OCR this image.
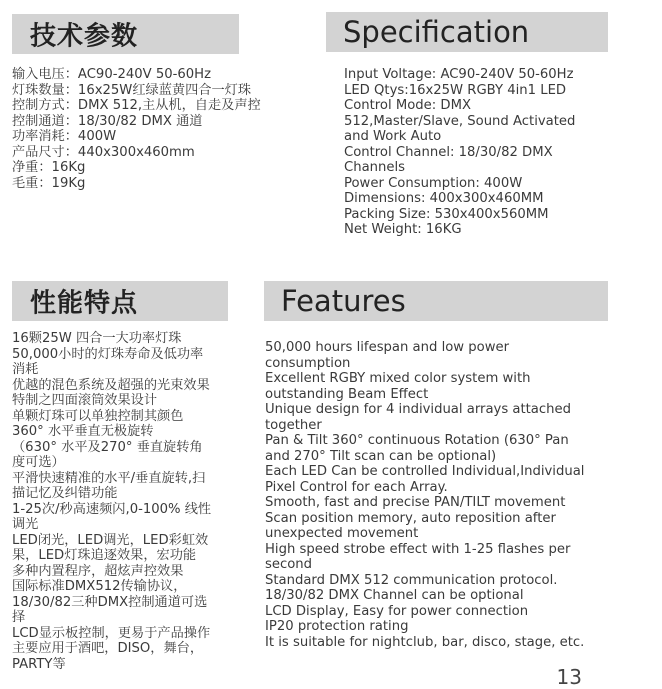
技术参数	Specification
性能特点	Features
输入电压：AC90-240V 50-60Hz
灯珠数量：16x25W红绿蓝黄四合一灯珠
控制方式：DMX 512,主从机，自走及声控
控制通道：18/30/82 DMX 通道
功率消耗：400W
产品尺寸：440x300x460mm
净重：16Kg
毛重：19Kg
Input Voltage: AC90-240V 50-60Hz
LED Qtys:16x25W RGBY 4in1 LED
Control Mode: DMX
512,Master/Slave, Sound Activated
and Work Auto
Control Channel: 18/30/82 DMX
Channels
Power Consumption: 400W
Dimensions: 400x300x460MM
Packing Size: 530x400x560MM
Net Weight: 16KG
16颗25W 四合一大功率灯珠
50,000小时的灯珠寿命及低功率
消耗
优越的混色系统及超强的光束效果
特制之四面滚筒效果设计
单颗灯珠可以单独控制其颜色
360° 水平垂直无极旋转
（630° 水平及270° 垂直旋转角
度可选）
平滑快速精准的水平/垂直旋转,扫
描记忆及纠错功能
1-25次/秒高速频闪,0-100% 线性
调光
LED闭光，LED调光，LED彩虹效
果，LED灯珠追逐效果，宏功能
多种内置程序，超炫声控效果
国际标准DMX512传输协议，
18/30/82三种DMX控制通道可选
择
LCD显示板控制，更易于产品操作
主要应用于酒吧，DISO，舞台，
PARTY等
50,000 hours lifespan and low power
consumption
Excellent RGBY mixed color system with
outstanding Beam Effect
Unique design for 4 individual arrays attached
together
Pan & Tilt 360° continuous Rotation (630° Pan
and 270° Tilt scan can be optional)
Each LED Can be controlled Individual,Individual
Pixel Control for each Array.
Smooth, fast and precise PAN/TILT movement
Scan position memory, auto reposition after
unexpected movement
High speed strobe effect with 1-25 flashes per
second
Standard DMX 512 communication protocol.
18/30/82 DMX Channel can be optional
LCD Display, Easy for power connection
IP20 protection rating
It is suitable for nightclub, bar, disco, stage, etc.
13
